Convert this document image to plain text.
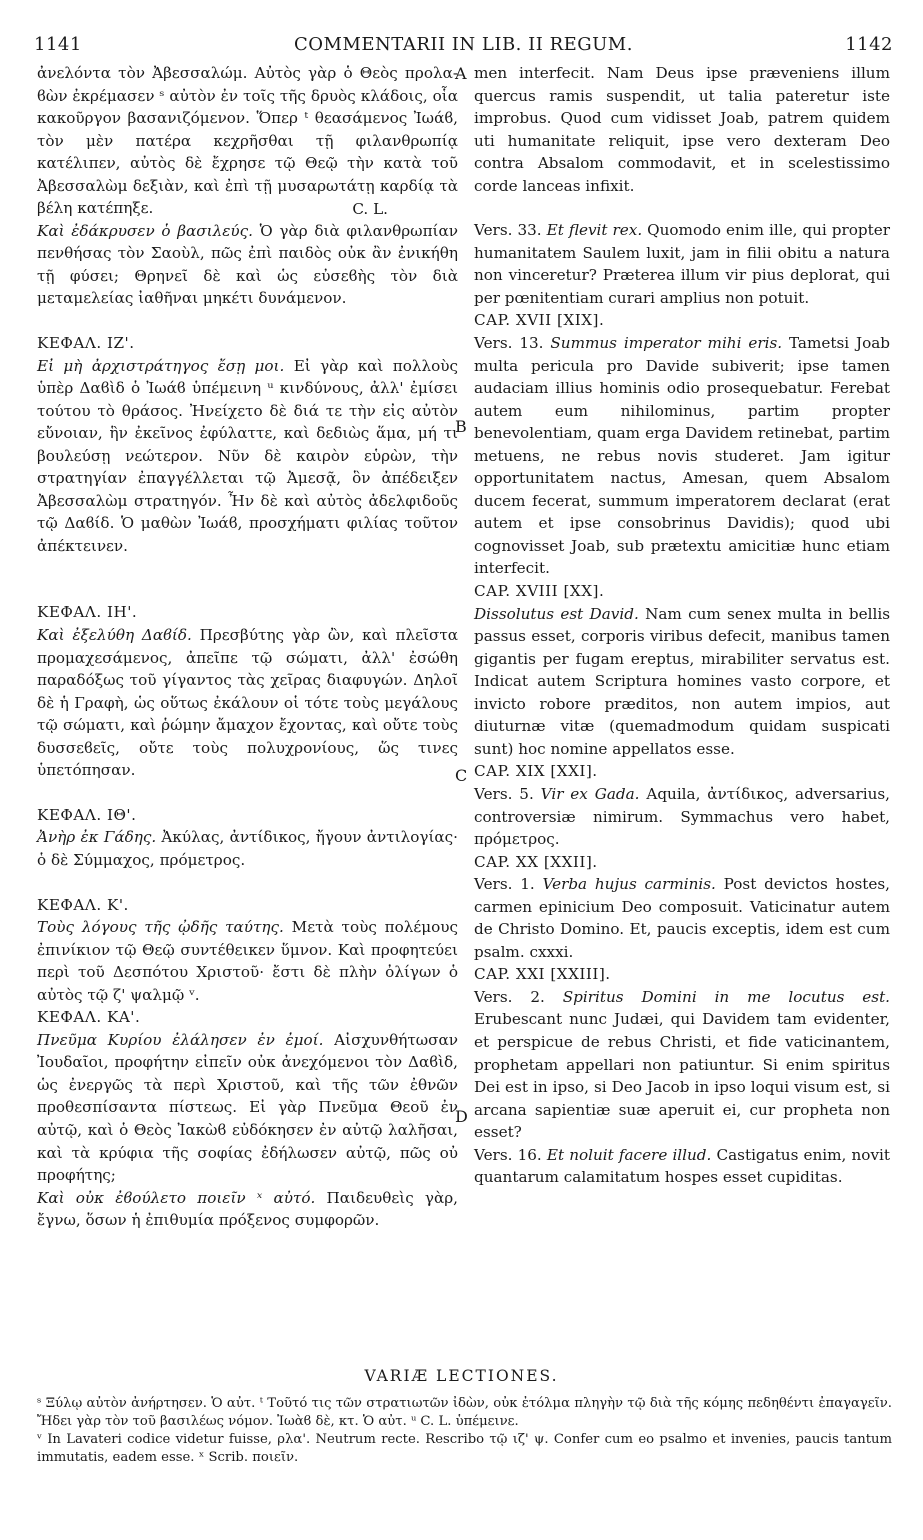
1141	COMMENTARII IN LIB. II REGUM.	1142
A
B
C
D

ἀνελόντα τὸν Ἀβεσσαλώμ. Αὐτὸς γὰρ ὁ Θεὸς προλα- ϐὼν ἐκρέμασεν ˢ αὐτὸν ἐν τοῖς τῆς δρυὸς κλάδοις, οἷα κακοῦργον βασανιζόμενον. Ὅπερ ᵗ θεασάμενος Ἰωάϐ, τὸν μὲν πατέρα κεχρῆσθαι τῇ φιλανθρωπίᾳ κατέλιπεν, αὐτὸς δὲ ἔχρησε τῷ Θεῷ τὴν κατὰ τοῦ Ἀβεσσαλὼμ δεξιὰν, καὶ ἐπὶ τῇ μυσαρωτάτῃ καρδίᾳ τὰ βέλη κατέπηξε.	C. L.

Καὶ ἐδάκρυσεν ὁ βασιλεύς. Ὁ γὰρ διὰ φιλανθρωπίαν πενθήσας τὸν Σαοὺλ, πῶς ἐπὶ παιδὸς οὐκ ἂν ἐνικήθη τῇ φύσει; Θρηνεῖ δὲ καὶ ὡς εὐσεϐὴς τὸν διὰ μεταμελείας ἰαθῆναι μηκέτι δυνάμενον.

ΚΕΦΑΛ. ΙΖ'.

Εἰ μὴ ἀρχιστράτηγος ἔσῃ μοι. Εἰ γὰρ καὶ πολλοὺς ὑπὲρ Δαϐὶδ ὁ Ἰωάϐ ὑπέμεινη ᵘ κινδύνους, ἀλλ' ἐμίσει τούτου τὸ θράσος. Ἠνείχετο δὲ διά τε τὴν εἰς αὐτὸν εὔνοιαν, ἣν ἐκεῖνος ἐφύλαττε, καὶ δεδιὼς ἅμα, μή τι βουλεύσῃ νεώτερον. Νῦν δὲ καιρὸν εὑρὼν, τὴν στρατηγίαν ἐπαγγέλλεται τῷ Ἀμεσᾷ, ὃν ἀπέδειξεν Ἀβεσσαλὼμ στρατηγόν. Ἦν δὲ καὶ αὐτὸς ἀδελφιδοῦς τῷ Δαϐίδ. Ὁ μαθὼν Ἰωάϐ, προσχήματι φιλίας τοῦτον ἀπέκτεινεν.

ΚΕΦΑΛ. ΙΗ'.

Καὶ ἐξελύθη Δαϐίδ. Πρεσβύτης γὰρ ὢν, καὶ πλεῖστα προμαχεσάμενος, ἀπεῖπε τῷ σώματι, ἀλλ' ἐσώθη παραδόξως τοῦ γίγαντος τὰς χεῖρας διαφυγών. Δηλοῖ δὲ ἡ Γραφὴ, ὡς οὕτως ἐκάλουν οἱ τότε τοὺς μεγάλους τῷ σώματι, καὶ ῥώμην ἄμαχον ἔχοντας, καὶ οὔτε τοὺς δυσσεϐεῖς, οὔτε τοὺς πολυχρονίους, ὥς τινες ὑπετόπησαν.

ΚΕΦΑΛ. ΙΘ'.

Ἀνὴρ ἐκ Γάδης. Ἀκύλας, ἀντίδικος, ἤγουν ἀντιλογίας· ὁ δὲ Σύμμαχος, πρόμετρος.

ΚΕΦΑΛ. Κ'.

Τοὺς λόγους τῆς ᾠδῆς ταύτης. Μετὰ τοὺς πολέμους ἐπινίκιον τῷ Θεῷ συντέθεικεν ὕμνον. Καὶ προφητεύει περὶ τοῦ Δεσπότου Χριστοῦ· ἔστι δὲ πλὴν ὀλίγων ὁ αὐτὸς τῷ ζ' ψαλμῷ ᵛ.

ΚΕΦΑΛ. ΚΑ'.

Πνεῦμα Κυρίου ἐλάλησεν ἐν ἐμοί. Αἰσχυνθήτωσαν Ἰουδαῖοι, προφήτην εἰπεῖν οὐκ ἀνεχόμενοι τὸν Δαϐὶδ, ὡς ἐνεργῶς τὰ περὶ Χριστοῦ, καὶ τῆς τῶν ἐθνῶν προθεσπίσαντα πίστεως. Εἰ γὰρ Πνεῦμα Θεοῦ ἐν αὐτῷ, καὶ ὁ Θεὸς Ἰακὼϐ εὐδόκησεν ἐν αὐτῷ λαλῆσαι, καὶ τὰ κρύφια τῆς σοφίας ἐδήλωσεν αὐτῷ, πῶς οὐ προφήτης;

Καὶ οὐκ ἐϐούλετο ποιεῖν ˣ αὐτό. Παιδευθεὶς γὰρ, ἔγνω, ὅσων ἡ ἐπιθυμία πρόξενος συμφορῶν.

men interfecit. Nam Deus ipse præveniens illum quercus ramis suspendit, ut talia pateretur iste improbus. Quod cum vidisset Joab, patrem quidem uti humanitate reliquit, ipse vero dexteram Deo contra Absalom commodavit, et in scelestissimo corde lanceas infixit.

Vers. 33. Et flevit rex. Quomodo enim ille, qui propter humanitatem Saulem luxit, jam in filii obitu a natura non vinceretur? Præterea illum vir pius deplorat, qui per pœnitentiam curari amplius non potuit.

CAP. XVII [XIX].

Vers. 13. Summus imperator mihi eris. Tametsi Joab multa pericula pro Davide subiverit; ipse tamen audaciam illius hominis odio prosequebatur. Ferebat autem eum nihilominus, partim propter benevolentiam, quam erga Davidem retinebat, partim metuens, ne rebus novis studeret. Jam igitur opportunitatem nactus, Amesan, quem Absalom ducem fecerat, summum imperatorem declarat (erat autem et ipse consobrinus Davidis); quod ubi cognovisset Joab, sub prætextu amicitiæ hunc etiam interfecit.

CAP. XVIII [XX].

Dissolutus est David. Nam cum senex multa in bellis passus esset, corporis viribus defecit, manibus tamen gigantis per fugam ereptus, mirabiliter servatus est. Indicat autem Scriptura homines vasto corpore, et invicto robore præditos, non autem impios, aut diuturnæ vitæ (quemadmodum quidam suspicati sunt) hoc nomine appellatos esse.

CAP. XIX [XXI].

Vers. 5. Vir ex Gada. Aquila, ἀντίδικος, adversarius, controversiæ nimirum. Symmachus vero habet, πρόμετρος.

CAP. XX [XXII].

Vers. 1. Verba hujus carminis. Post devictos hostes, carmen epinicium Deo composuit. Vaticinatur autem de Christo Domino. Et, paucis exceptis, idem est cum psalm. cxxxi.

CAP. XXI [XXIII].

Vers. 2. Spiritus Domini in me locutus est. Erubescant nunc Judæi, qui Davidem tam evidenter, et perspicue de rebus Christi, et fide vaticinantem, prophetam appellari non patiuntur. Si enim spiritus Dei est in ipso, si Deo Jacob in ipso loqui visum est, si arcana sapientiæ suæ aperuit ei, cur propheta non esset?

Vers. 16. Et noluit facere illud. Castigatus enim, novit quantarum calamitatum hospes esset cupiditas.

VARIÆ LECTIONES.

ˢ Ξύλῳ αὐτὸν ἀνήρτησεν. Ὁ αὐτ. ᵗ Τοῦτό τις τῶν στρατιωτῶν ἰδὼν, οὐκ ἐτόλμα πληγὴν τῷ διὰ τῆς κόμης πεδηθέντι ἐπαγαγεῖν. Ἤδει γὰρ τὸν τοῦ βασιλέως νόμον. Ἰωὰϐ δὲ, κτ. Ὁ αὐτ. ᵘ C. L. ὑπέμεινε.

ᵛ In Lavateri codice videtur fuisse, ρλα'. Neutrum recte. Rescribo τῷ ιζ' ψ. Confer cum eo psalmo et invenies, paucis tantum immutatis, eadem esse. ˣ Scrib. ποιεῖν.
